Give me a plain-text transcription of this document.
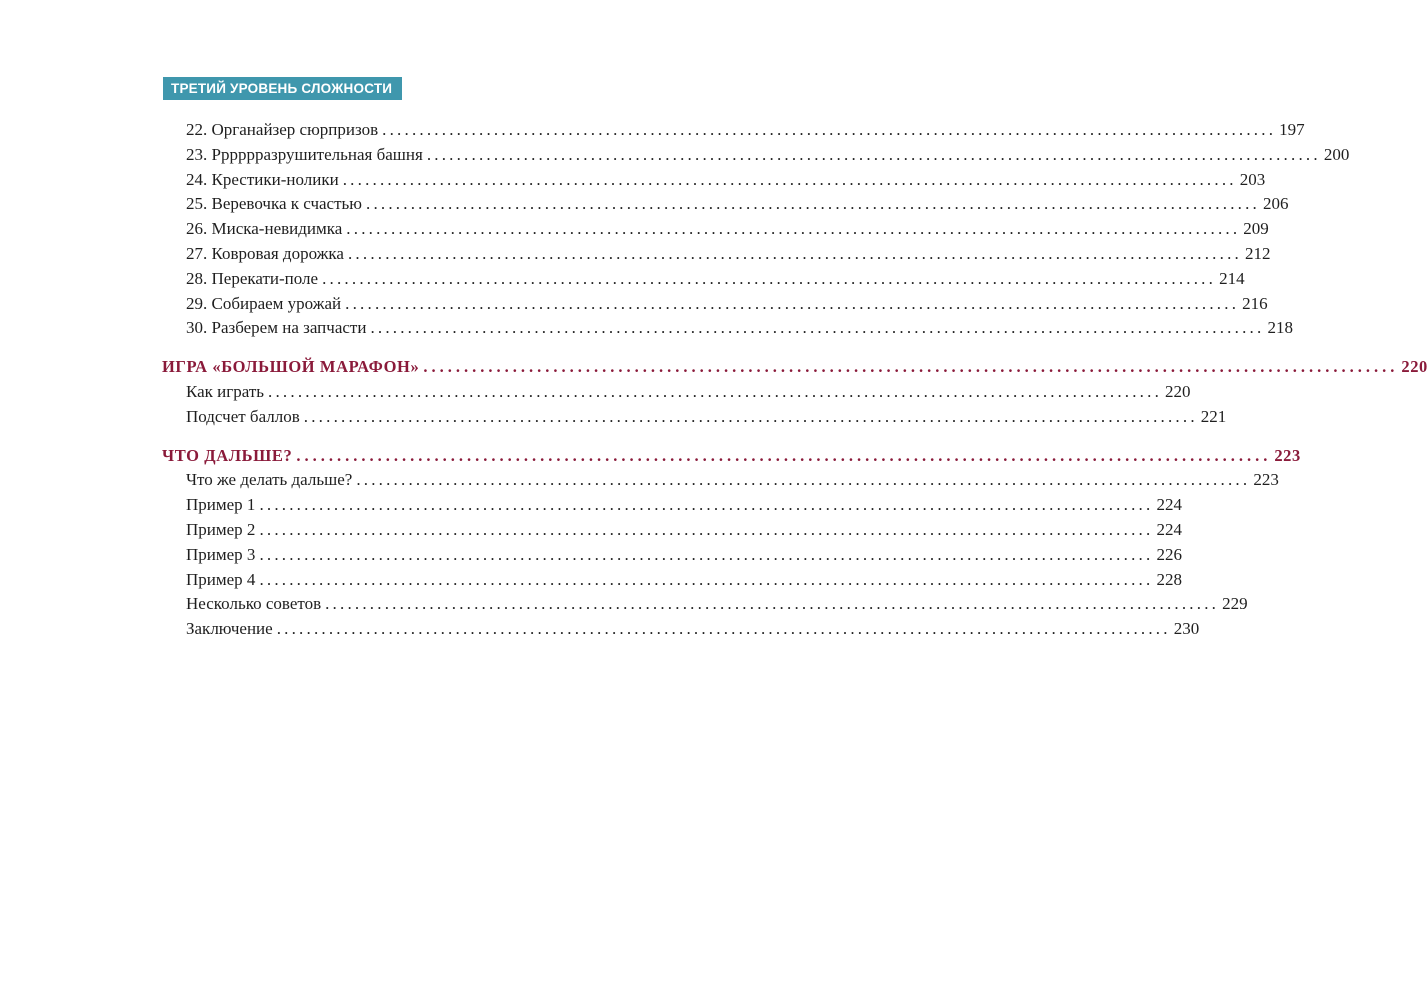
ТРЕТИЙ УРОВЕНЬ СЛОЖНОСТИ
22. Органайзер сюрпризов ........................................................................................................................ 197
23. Рррррразрушительная башня ........................................................................................................................ 200
24. Крестики-нолики ........................................................................................................................ 203
25. Веревочка к счастью ........................................................................................................................ 206
26. Миска-невидимка ........................................................................................................................ 209
27. Ковровая дорожка ........................................................................................................................ 212
28. Перекати-поле ........................................................................................................................ 214
29. Собираем урожай ........................................................................................................................ 216
30. Разберем на запчасти ........................................................................................................................ 218
ИГРА «БОЛЬШОЙ МАРАФОН» ........................................................................................................................ 220
Как играть ........................................................................................................................ 220
Подсчет баллов ........................................................................................................................ 221
ЧТО ДАЛЬШЕ? ........................................................................................................................ 223
Что же делать дальше? ........................................................................................................................ 223
Пример 1 ........................................................................................................................ 224
Пример 2 ........................................................................................................................ 224
Пример 3 ........................................................................................................................ 226
Пример 4 ........................................................................................................................ 228
Несколько советов ........................................................................................................................ 229
Заключение ........................................................................................................................ 230
